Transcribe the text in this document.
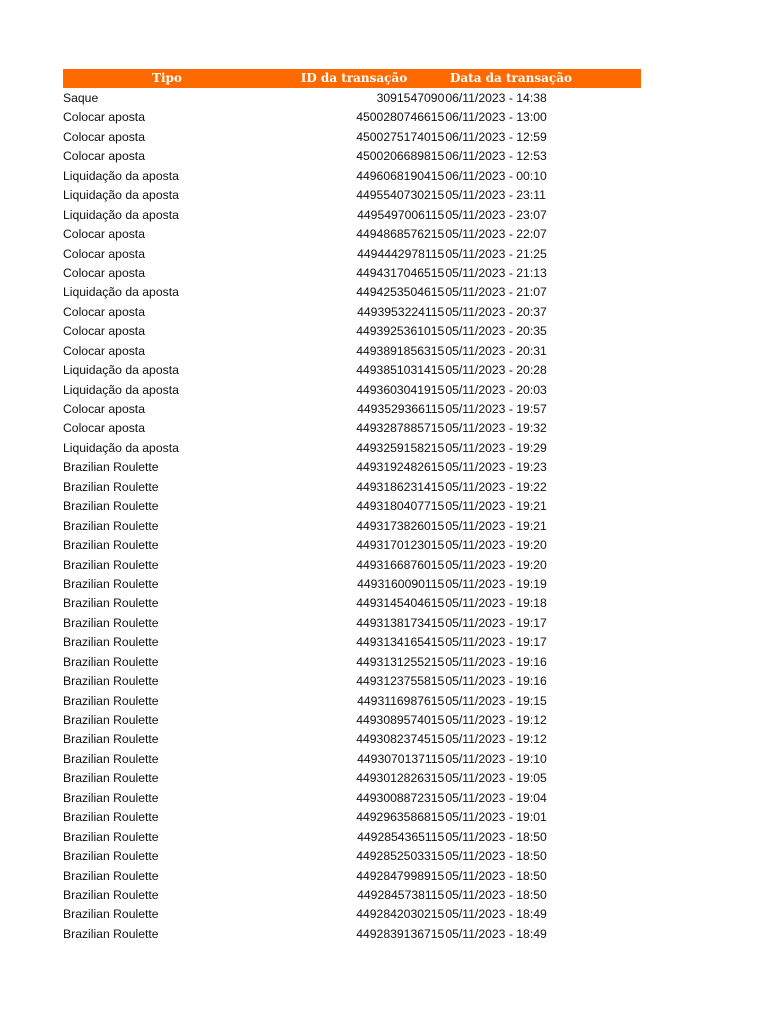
Tipo	ID da transação	Data da transação
Saque	3091547090 06/11/2023 - 14:38
Colocar aposta	4500280746615 06/11/2023 - 13:00
Colocar aposta	4500275174015 06/11/2023 - 12:59
Colocar aposta	4500206689815 06/11/2023 - 12:53
Liquidação da aposta	4496068190415 06/11/2023 - 00:10
Liquidação da aposta	4495540730215 05/11/2023 - 23:11
Liquidação da aposta	4495497006115 05/11/2023 - 23:07
Colocar aposta	4494868576215 05/11/2023 - 22:07
Colocar aposta	4494442978115 05/11/2023 - 21:25
Colocar aposta	4494317046515 05/11/2023 - 21:13
Liquidação da aposta	4494253504615 05/11/2023 - 21:07
Colocar aposta	4493953224115 05/11/2023 - 20:37
Colocar aposta	4493925361015 05/11/2023 - 20:35
Colocar aposta	4493891856315 05/11/2023 - 20:31
Liquidação da aposta	4493851031415 05/11/2023 - 20:28
Liquidação da aposta	4493603041915 05/11/2023 - 20:03
Colocar aposta	4493529366115 05/11/2023 - 19:57
Colocar aposta	4493287885715 05/11/2023 - 19:32
Liquidação da aposta	4493259158215 05/11/2023 - 19:29
Brazilian Roulette	4493192482615 05/11/2023 - 19:23
Brazilian Roulette	4493186231415 05/11/2023 - 19:22
Brazilian Roulette	4493180407715 05/11/2023 - 19:21
Brazilian Roulette	4493173826015 05/11/2023 - 19:21
Brazilian Roulette	4493170123015 05/11/2023 - 19:20
Brazilian Roulette	4493166876015 05/11/2023 - 19:20
Brazilian Roulette	4493160090115 05/11/2023 - 19:19
Brazilian Roulette	4493145404615 05/11/2023 - 19:18
Brazilian Roulette	4493138173415 05/11/2023 - 19:17
Brazilian Roulette	4493134165415 05/11/2023 - 19:17
Brazilian Roulette	4493131255215 05/11/2023 - 19:16
Brazilian Roulette	4493123755815 05/11/2023 - 19:16
Brazilian Roulette	4493116987615 05/11/2023 - 19:15
Brazilian Roulette	4493089574015 05/11/2023 - 19:12
Brazilian Roulette	4493082374515 05/11/2023 - 19:12
Brazilian Roulette	4493070137115 05/11/2023 - 19:10
Brazilian Roulette	4493012826315 05/11/2023 - 19:05
Brazilian Roulette	4493008872315 05/11/2023 - 19:04
Brazilian Roulette	4492963586815 05/11/2023 - 19:01
Brazilian Roulette	4492854365115 05/11/2023 - 18:50
Brazilian Roulette	4492852503315 05/11/2023 - 18:50
Brazilian Roulette	4492847998915 05/11/2023 - 18:50
Brazilian Roulette	4492845738115 05/11/2023 - 18:50
Brazilian Roulette	4492842030215 05/11/2023 - 18:49
Brazilian Roulette	4492839136715 05/11/2023 - 18:49
